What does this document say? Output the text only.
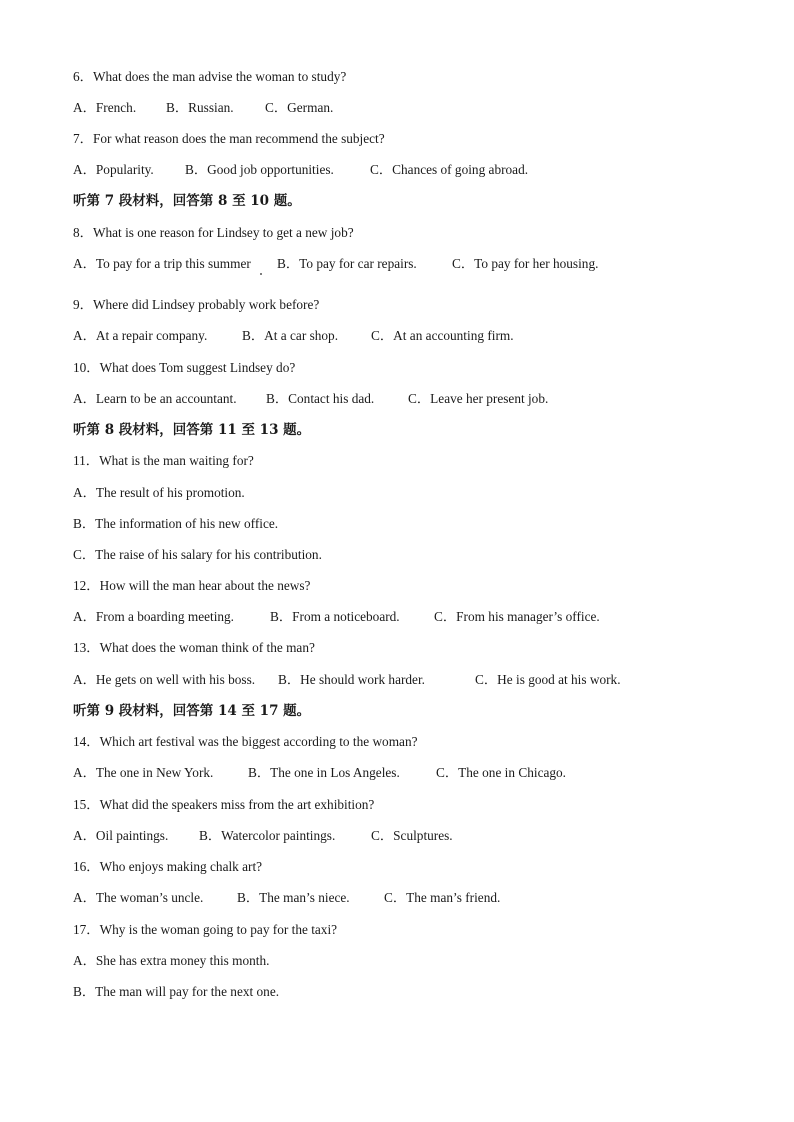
6．What does the man advise the woman to study?
A．French. B．Russian. C．German.
7．For what reason does the man recommend the subject?
A．Popularity. B．Good job opportunities.	C．Chances of going abroad.
听第 7 段材料，回答第 8 至 10 题。
8．What is one reason for Lindsey to get a new job?
A．To pay for a trip this summer B．To pay for car repairs.	C．To pay for her housing.
9．Where did Lindsey probably work before?
A．At a repair company.	B．At a car shop. C．At an accounting firm.
10．What does Tom suggest Lindsey do?
A．Learn to be an accountant. B．Contact his dad.	C．Leave her present job.
听第 8 段材料，回答第 11 至 13 题。
11．What is the man waiting for?
A．The result of his promotion.
B．The information of his new office.
C．The raise of his salary for his contribution.
12．How will the man hear about the news?
A．From a boarding meeting.	B．From a noticeboard.	C．From his manager’s office.
13．What does the woman think of the man?
A．He gets on well with his boss. B．He should work harder.	C．He is good at his work.
听第 9 段材料，回答第 14 至 17 题。
14．Which art festival was the biggest according to the woman?
A．The one in New York.	B．The one in Los Angeles.	C．The one in Chicago.
15．What did the speakers miss from the art exhibition?
A．Oil paintings. B．Watercolor paintings.	C．Sculptures.
16．Who enjoys making chalk art?
A．The woman’s uncle.	B．The man’s niece.	C．The man’s friend.
17．Why is the woman going to pay for the taxi?
A．She has extra money this month.
B．The man will pay for the next one.
